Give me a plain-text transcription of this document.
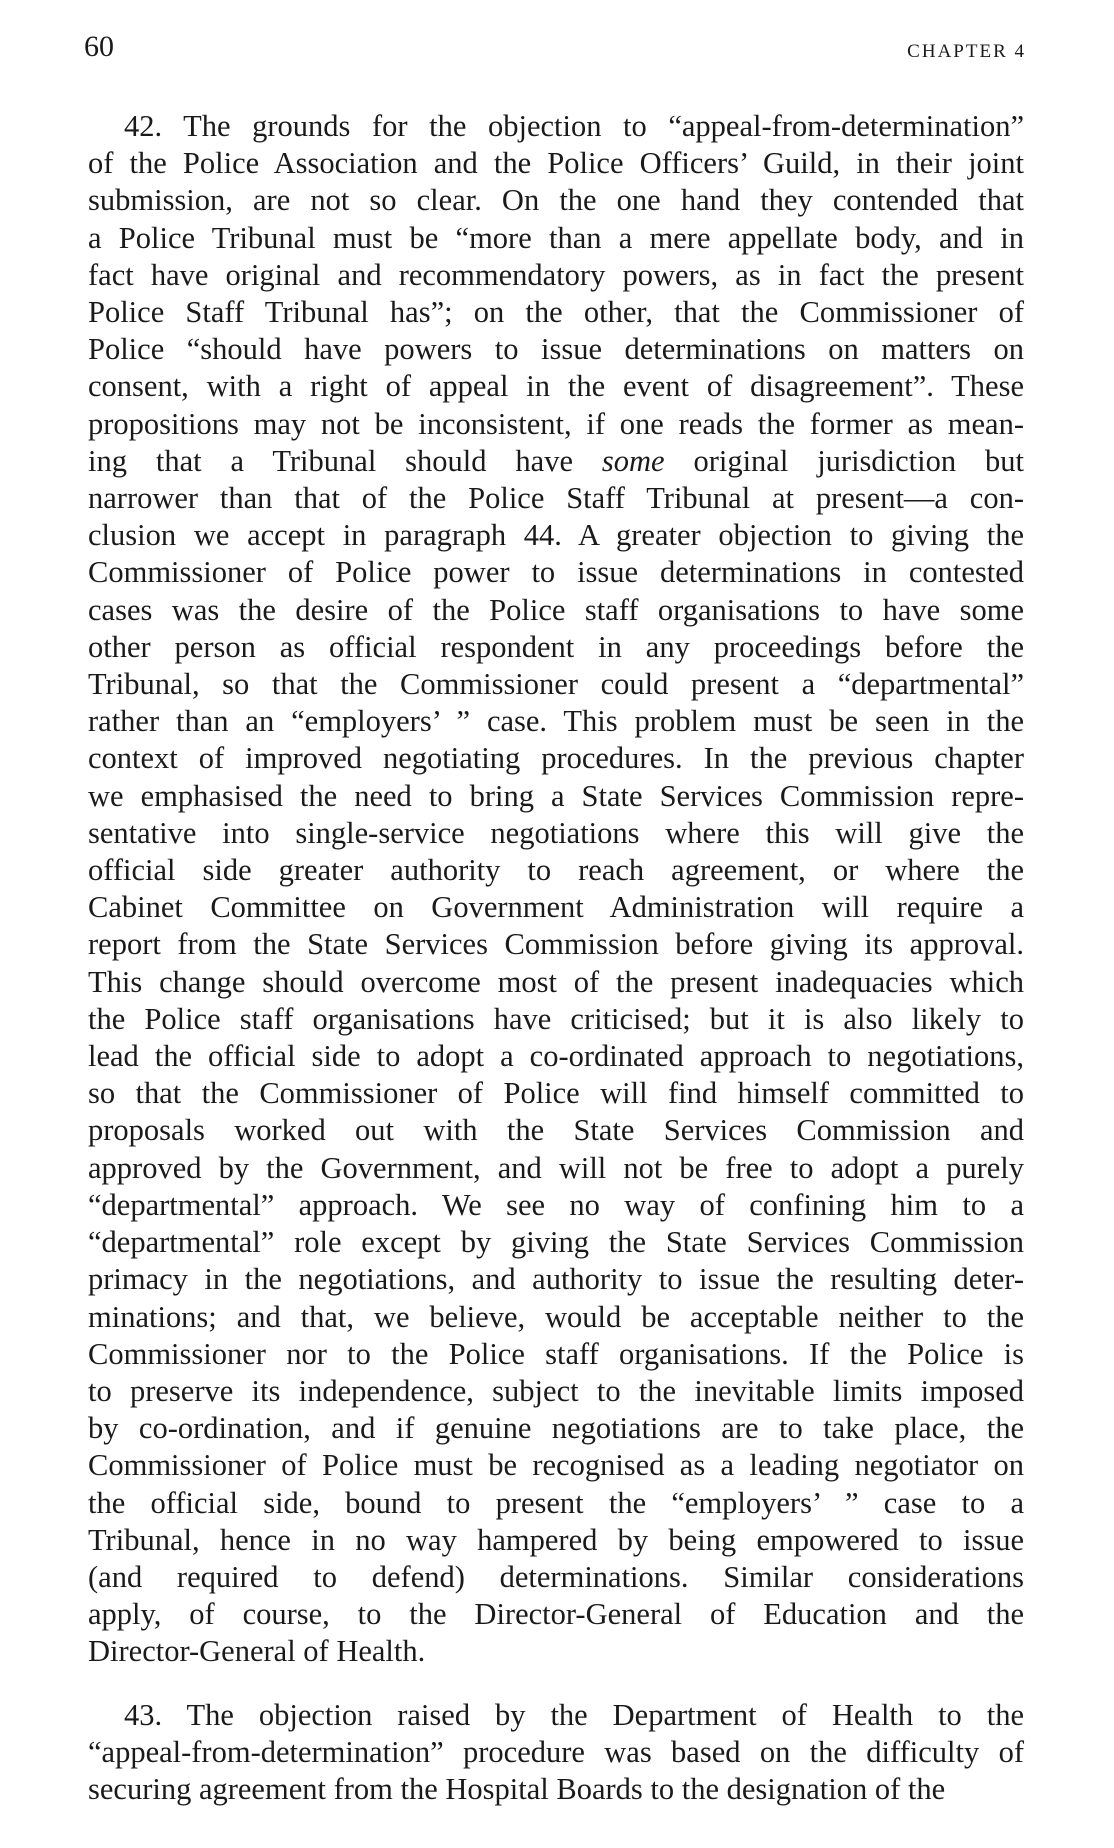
60	CHAPTER 4

42. The grounds for the objection to “appeal-from-determination”
of the Police Association and the Police Officers’ Guild, in their joint
submission, are not so clear. On the one hand they contended that
a Police Tribunal must be “more than a mere appellate body, and in
fact have original and recommendatory powers, as in fact the present
Police Staff Tribunal has”; on the other, that the Commissioner of
Police “should have powers to issue determinations on matters on
consent, with a right of appeal in the event of disagreement”. These
propositions may not be inconsistent, if one reads the former as mean-
ing that a Tribunal should have some original jurisdiction but
narrower than that of the Police Staff Tribunal at present—a con-
clusion we accept in paragraph 44. A greater objection to giving the
Commissioner of Police power to issue determinations in contested
cases was the desire of the Police staff organisations to have some
other person as official respondent in any proceedings before the
Tribunal, so that the Commissioner could present a “departmental”
rather than an “employers’ ” case. This problem must be seen in the
context of improved negotiating procedures. In the previous chapter
we emphasised the need to bring a State Services Commission repre-
sentative into single-service negotiations where this will give the
official side greater authority to reach agreement, or where the
Cabinet Committee on Government Administration will require a
report from the State Services Commission before giving its approval.
This change should overcome most of the present inadequacies which
the Police staff organisations have criticised; but it is also likely to
lead the official side to adopt a co-ordinated approach to negotiations,
so that the Commissioner of Police will find himself committed to
proposals worked out with the State Services Commission and
approved by the Government, and will not be free to adopt a purely
“departmental” approach. We see no way of confining him to a
“departmental” role except by giving the State Services Commission
primacy in the negotiations, and authority to issue the resulting deter-
minations; and that, we believe, would be acceptable neither to the
Commissioner nor to the Police staff organisations. If the Police is
to preserve its independence, subject to the inevitable limits imposed
by co-ordination, and if genuine negotiations are to take place, the
Commissioner of Police must be recognised as a leading negotiator on
the official side, bound to present the “employers’ ” case to a
Tribunal, hence in no way hampered by being empowered to issue
(and required to defend) determinations. Similar considerations
apply, of course, to the Director-General of Education and the
Director-General of Health.

43. The objection raised by the Department of Health to the
“appeal-from-determination” procedure was based on the difficulty of
securing agreement from the Hospital Boards to the designation of the
